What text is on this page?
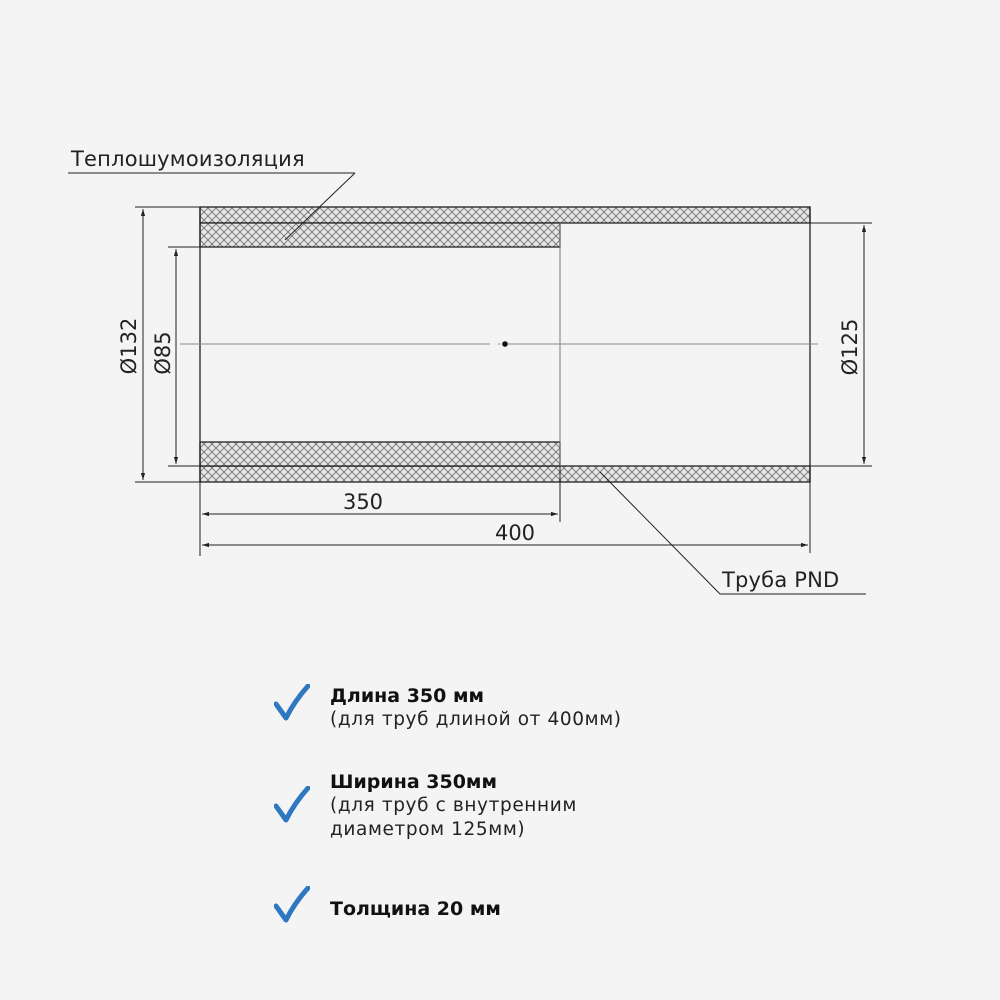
Ø132 Ø85	Ø125
350
400
Теплошумоизоляция
Труба PND
Длина 350 мм
(для труб длиной от 400мм)
Ширина 350мм
(для труб с внутренним
диаметром 125мм)
Толщина 20 мм
